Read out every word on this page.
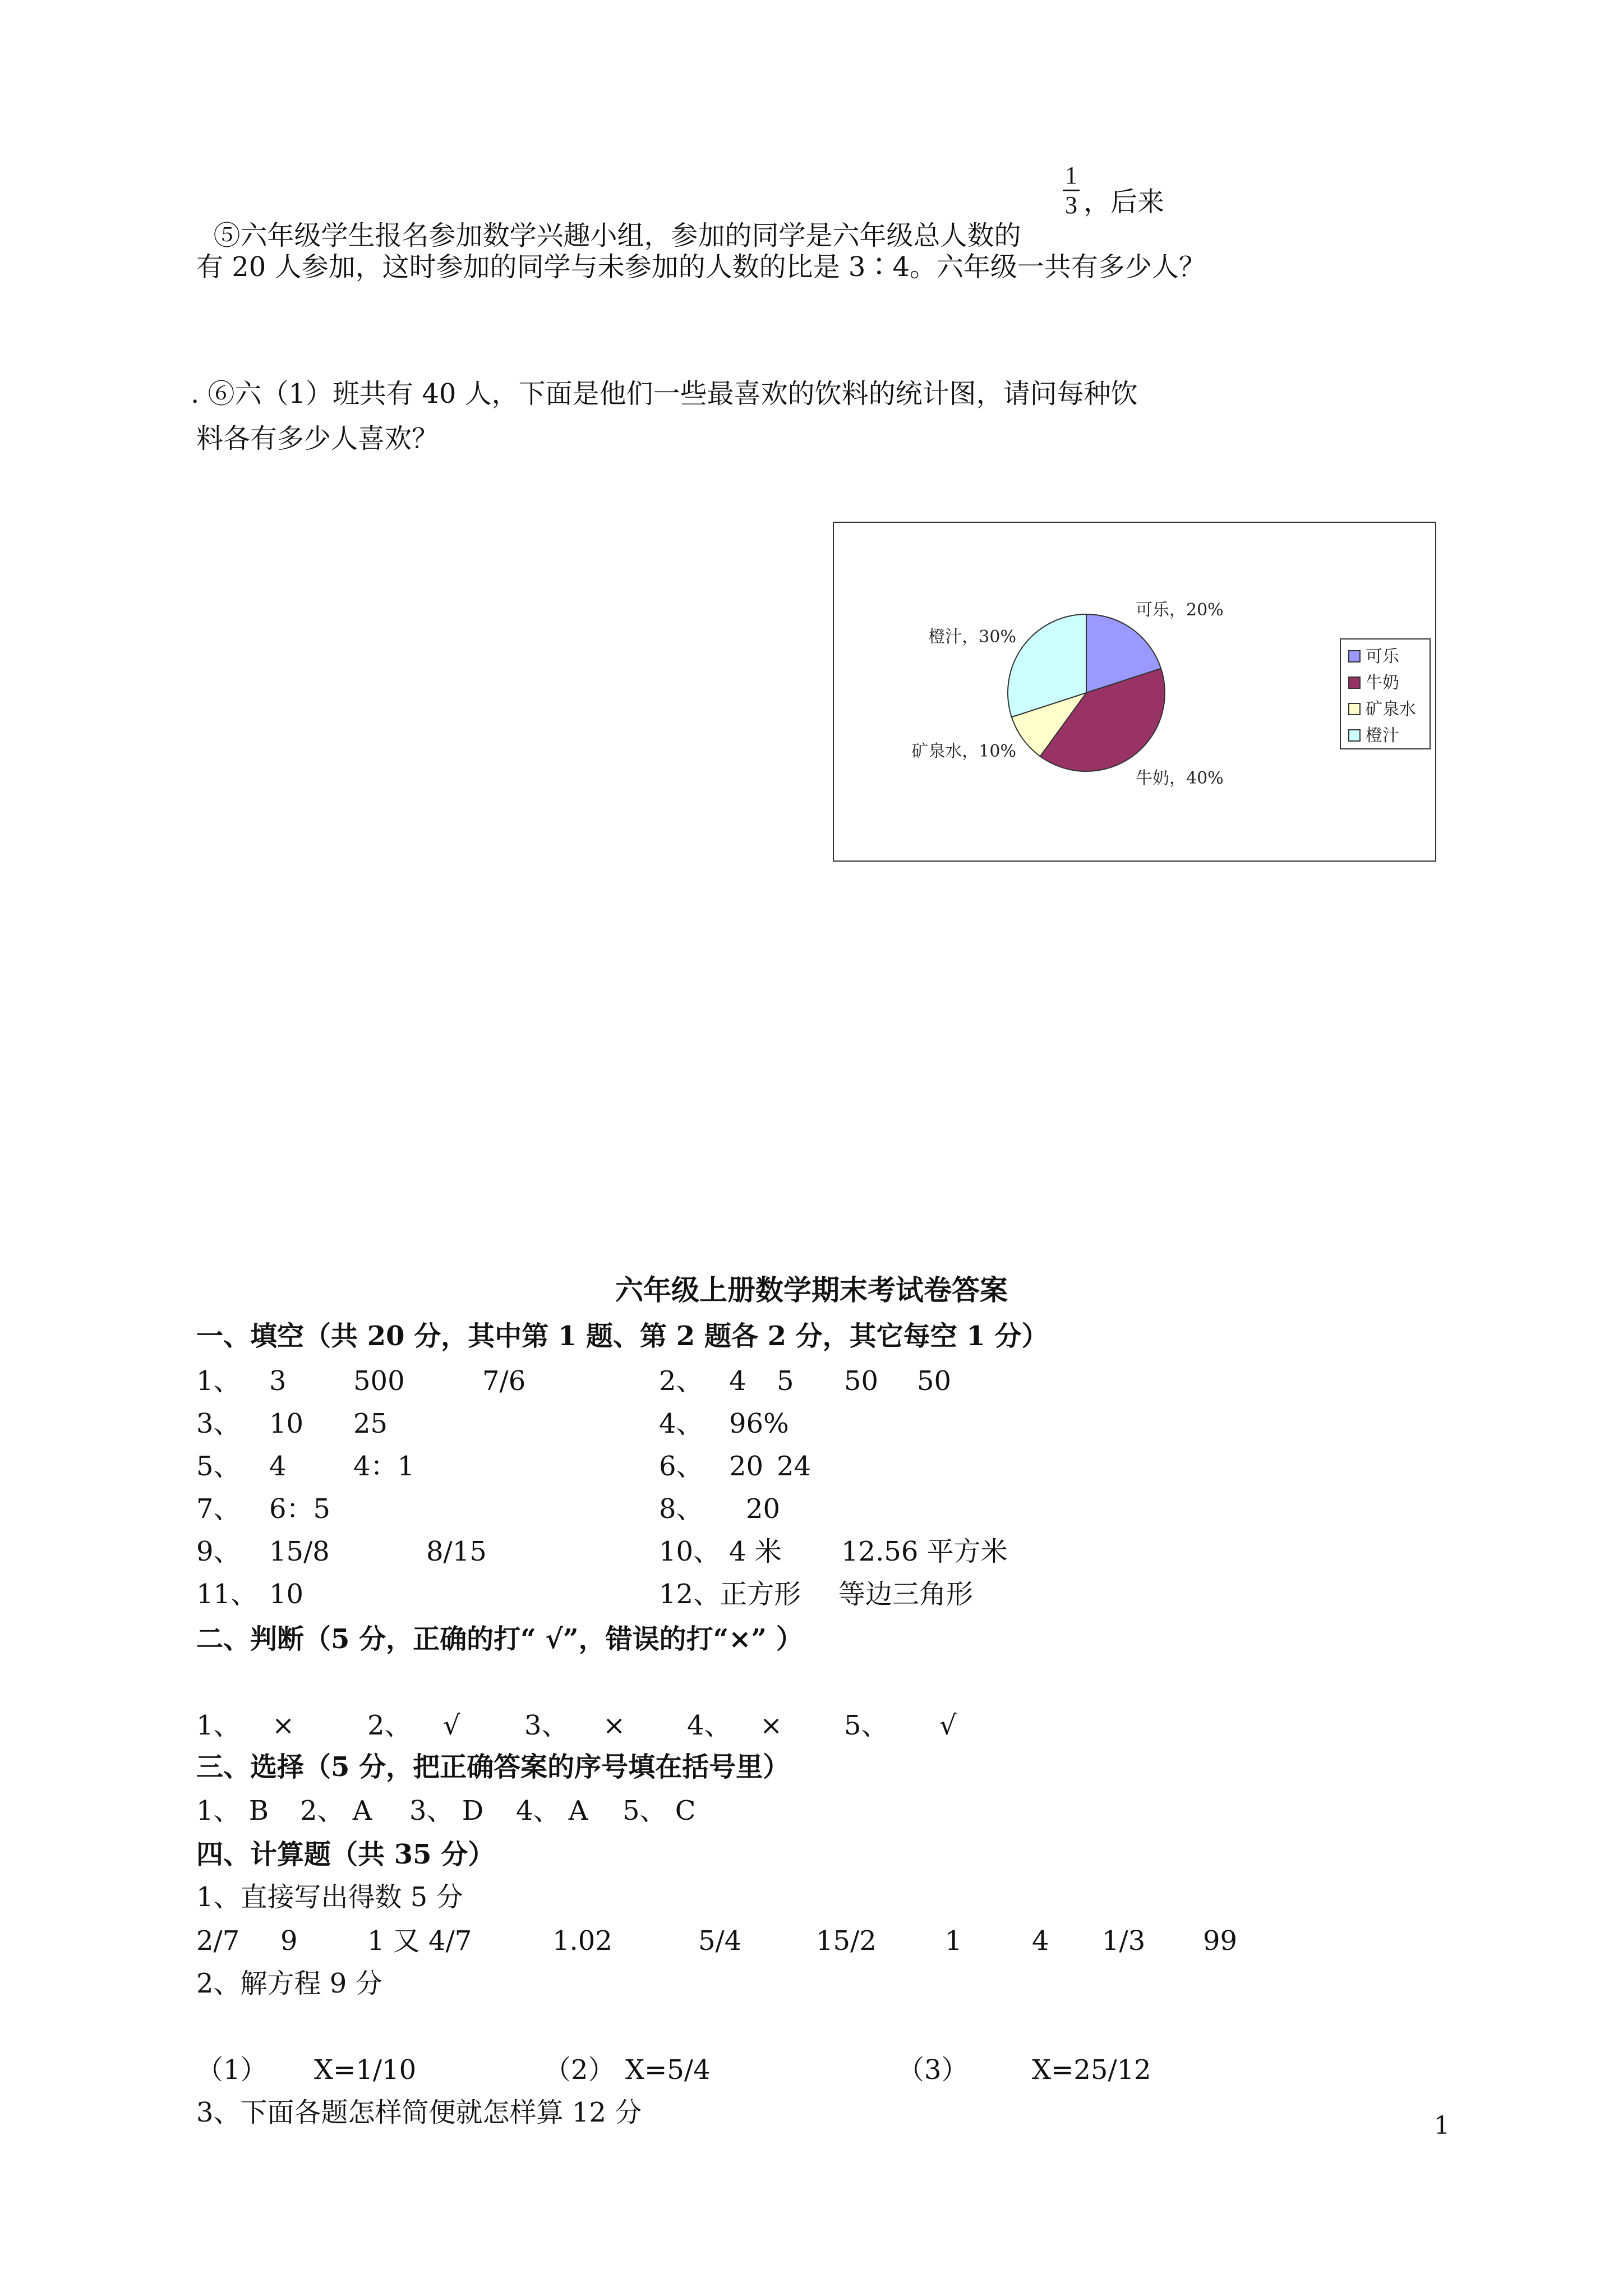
⑤六年级学生报名参加数学兴趣小组，参加的同学是六年级总人数的

1
3 ，后来
有 20 人参加，这时参加的同学与未参加的人数的比是 3∶4。六年级一共有多少人？
. ⑥六（1）班共有 40 人，下面是他们一些最喜欢的饮料的统计图，请问每种饮
料各有多少人喜欢？
可乐，20%
牛奶，40%
矿泉水，10%
橙汁，30%
可乐
牛奶
矿泉水
橙汁
六年级上册数学期末考试卷答案
一、填空（共 20 分，其中第 1 题、第 2 题各 2 分，其它每空 1 分）
1、 3 500	7/6	2、 4 5 50 50
3、 10 25	4、 96%
5、 4 4：1	6、 20 24
7、 6：5	8、 20
9、 15/8	8/15	10、 4 米 12.56 平方米
11、 10	12、正方形 等边三角形
二、判断（5 分，正确的打“ √”，错误的打“×” ）
1、 ×	2、 √ 3、 × 4、 × 5、 √
三、选择（5 分，把正确答案的序号填在括号里）
1、 B 2、 A 3、 D 4、 A 5、 C
四、计算题（共 35 分）
1、直接写出得数 5 分
2/7 9	1 又 4/7	1.02	5/4	15/2	1	4 1/3 99
2、解方程 9 分
（1） X=1/10	（2） X=5/4	（3） X=25/12
3、下面各题怎样简便就怎样算 12 分	1
